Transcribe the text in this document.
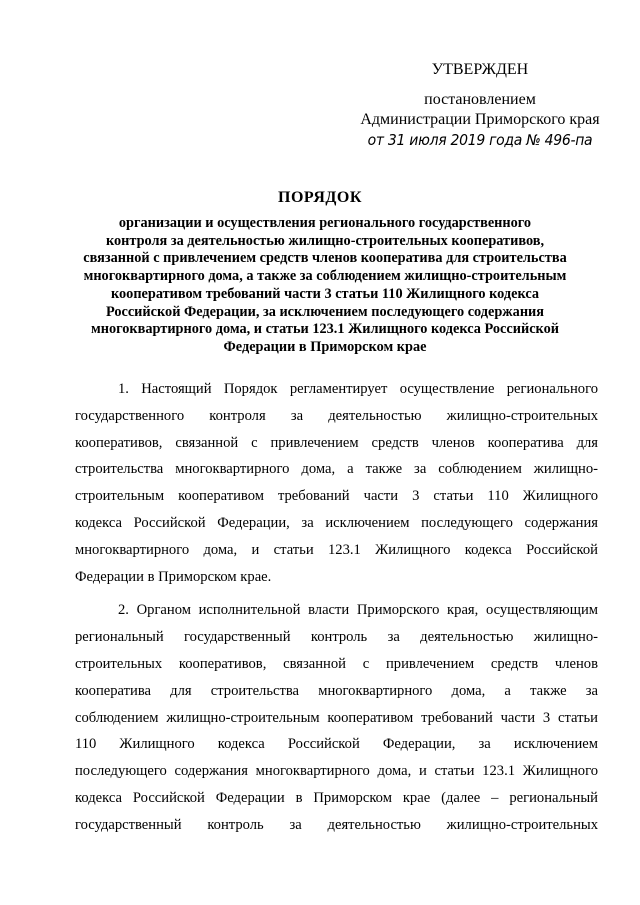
УТВЕРЖДЕН
постановлением
Администрации Приморского края
от 31 июля 2019 года № 496-па
ПОРЯДОК
организации и осуществления регионального государственного
контроля за деятельностью жилищно-строительных кооперативов,
связанной с привлечением средств членов кооператива для строительства
многоквартирного дома, а также за соблюдением жилищно-строительным
кооперативом требований части 3 статьи 110 Жилищного кодекса
Российской Федерации, за исключением последующего содержания
многоквартирного дома, и статьи 123.1 Жилищного кодекса Российской
Федерации в Приморском крае
1. Настоящий Порядок регламентирует осуществление регионального
государственного контроля за деятельностью жилищно-строительных
кооперативов, связанной с привлечением средств членов кооператива для
строительства многоквартирного дома, а также за соблюдением жилищно-
строительным кооперативом требований части 3 статьи 110 Жилищного
кодекса Российской Федерации, за исключением последующего содержания
многоквартирного дома, и статьи 123.1 Жилищного кодекса Российской
Федерации в Приморском крае.
2. Органом исполнительной власти Приморского края, осуществляющим
региональный государственный контроль за деятельностью жилищно-
строительных кооперативов, связанной с привлечением средств членов
кооператива для строительства многоквартирного дома, а также за
соблюдением жилищно-строительным кооперативом требований части 3 статьи
110 Жилищного кодекса Российской Федерации, за исключением
последующего содержания многоквартирного дома, и статьи 123.1 Жилищного
кодекса Российской Федерации в Приморском крае (далее – региональный
государственный контроль за деятельностью жилищно-строительных
